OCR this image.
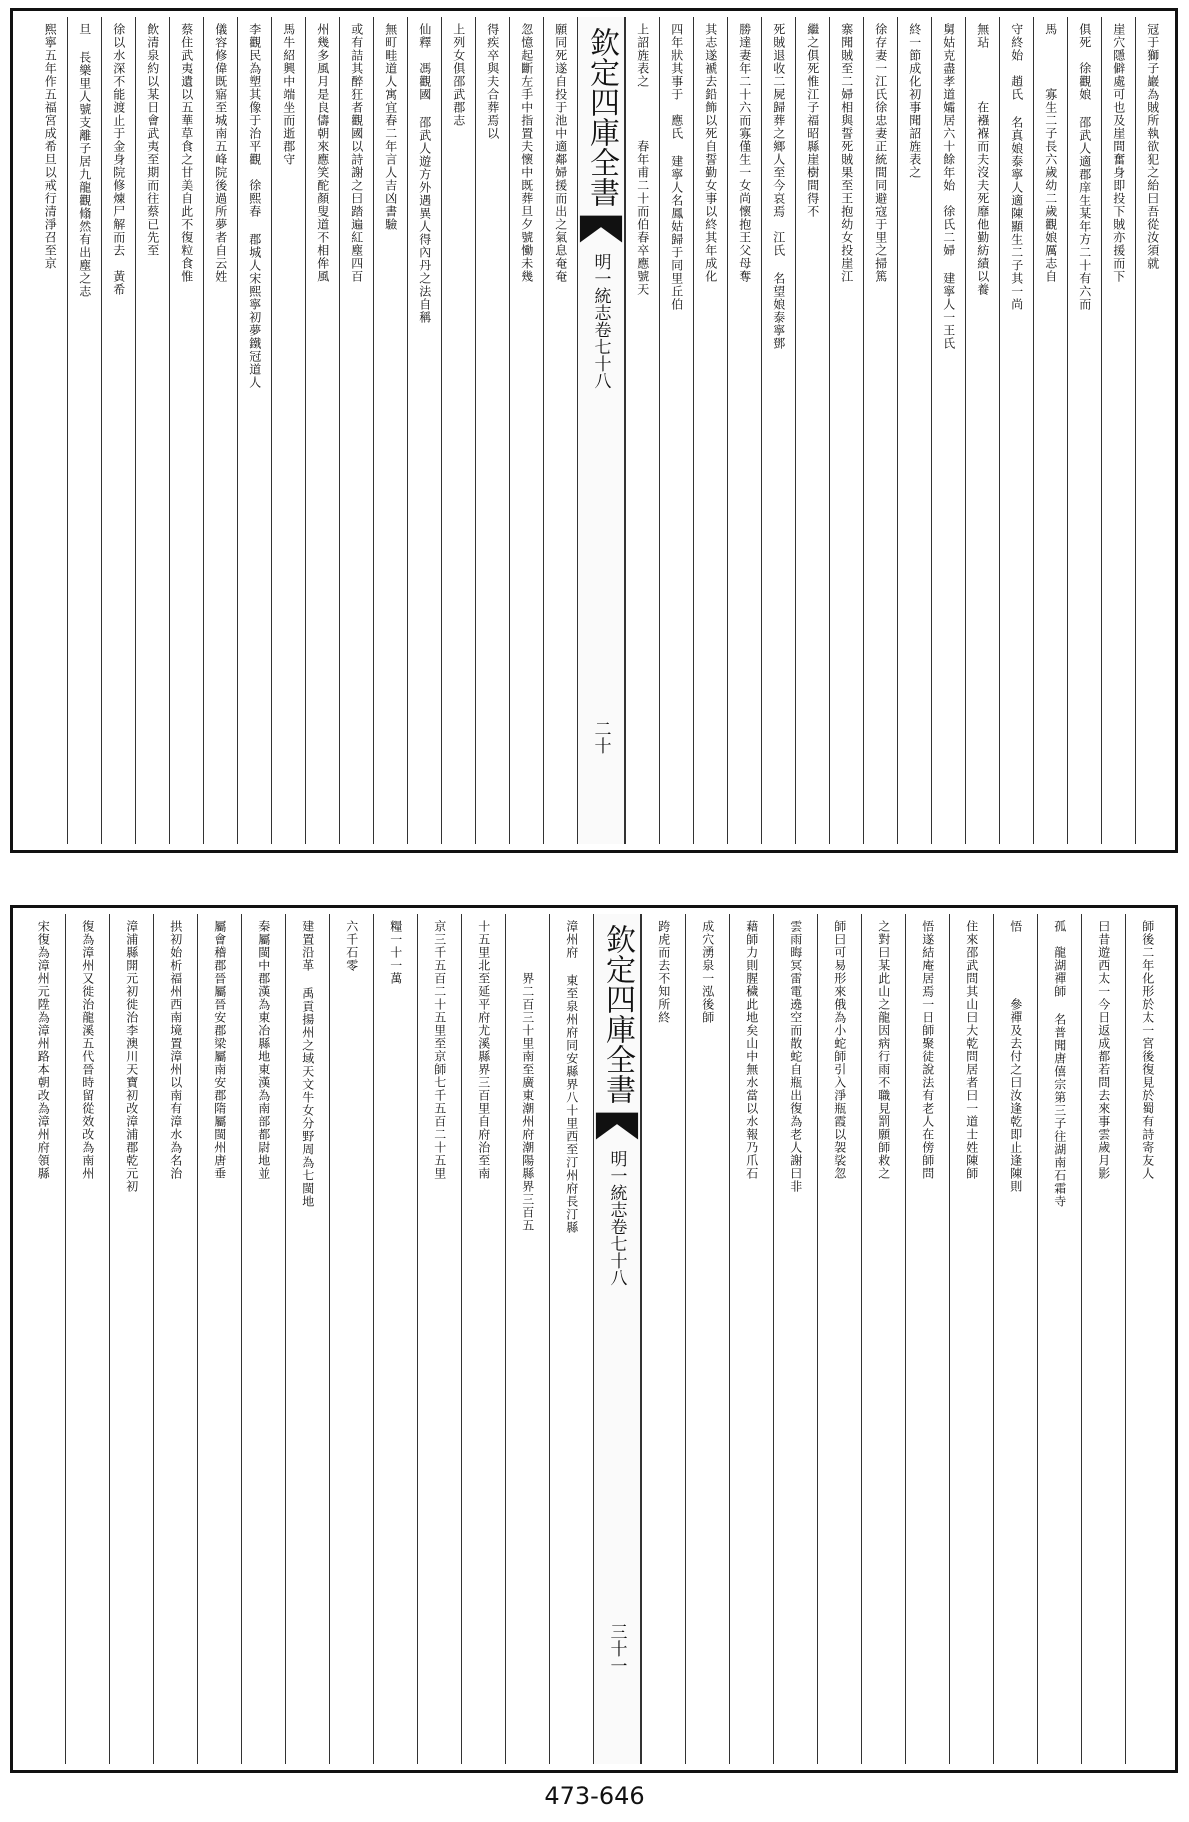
冦于獅子巖為賊所執欲犯之紿曰吾從汝須就
崖穴隱僻處可也及崖間奮身即投下賊亦援而下
俱死　徐觀娘 邵武人適郡庠生某年方二十有六而
馬　　　　寡生二子長六歲幼二歲觀娘厲志自
守終始　趙氏 名真娘泰寧人適陳顯生二子其一尚
無玷　　　　在襁褓而夫沒夫死靡他勤紡績以養
舅姑克盡孝道孀居六十餘年始　徐氏二婦 建寧人一王氏
終一節成化初事聞詔旌表之
徐存妻一江氏徐忠妻正統間同避寇于里之掃篤
寨聞賊至二婦相與誓死賊果至王抱幼女投崖江
繼之俱死惟江子福昭縣崖樹間得不
死賊退收二屍歸葬之鄉人至今哀焉　江氏 名望娘泰寧鄧
勝達妻年二十六而寡僅生一女尚懷抱王父母奪
其志遂褫去鉛飾以死自誓勤女事以終其年成化
四年狀其事于　應氏 建寧人名鳳姑歸于同里丘伯
上詔旌表之　　　　春年甫二十而伯春卒應號天
欽定四庫全書
明一統志
卷七十八
二十
願同死遂自投于池中適鄰婦援而出之氣息奄奄
忽憶起斷左手中指置夫懷中既葬旦夕號慟未幾
得疾卒與夫合葬焉以
上列女俱邵武郡志
仙釋　馮觀國 邵武人遊方外遇異人得內丹之法自稱
無町畦道人寓宜春二年言人吉凶書驗
或有詰其醉狂者觀國以詩謝之曰踏遍紅塵四百
州幾多風月是良儔朝來應笑酡顏叟道不相侔風
馬牛紹興中端坐而逝郡守
李觀民為塑其像于治平觀　徐熙春 郡城人宋熙寧初夢鐵冠道人
儀容修偉既寤至城南五峰院後過所夢者自云姓
蔡住武夷遺以五華草食之甘美自此不復粒食惟
飲清泉約以某日會武夷至期而往蔡已先至
徐以水深不能渡止于金身院修煉尸解而去　黃希
旦 長樂里人號支離子居九龍觀翛然有出塵之志
熙寧五年作五福宮成希旦以戒行清淨召至京
師後二年化形於太一宮後復見於蜀有詩寄友人
曰昔遊西太一今日返成都若問去來事雲歲月影
孤　龍湖禪師 名普聞唐僖宗第三子往湖南石霜寺
悟　　　　　參禪及去付之曰汝逢乾即止逢陳則
住來邵武問其山曰大乾問居者曰一道士姓陳師
悟遂結庵居焉一日師聚徒說法有老人在傍師問
之對曰某此山之龍因病行雨不職見罰願師救之
師曰可易形來俄為小蛇師引入淨瓶霞以袈裟忽
雲雨晦冥雷電遶空而散蛇自瓶出復為老人謝曰非
藉師力則腥穢此地矣山中無水當以水報乃爪石
成穴湧泉一泓後師
跨虎而去不知所終
欽定四庫全書
明一統志
卷七十八
三十一
漳州府 東至泉州府同安縣界八十里西至汀州府長汀縣
　　　　界二百三十里南至廣東潮州府潮陽縣界三百五
十五里北至延平府尤溪縣界三百里自府治至南
京三千五百二十五里至京師七千五百二十五里
糧一十一萬
六千石零
建置沿革 禹貢揚州之域天文牛女分野周為七閩地
秦屬閩中郡漢為東冶縣地東漢為南部都尉地並
屬會稽郡晉屬晉安郡梁屬南安郡隋屬閩州唐垂
拱初始析福州西南境置漳州以南有漳水為名治
漳浦縣開元初徙治李澳川天寶初改漳浦郡乾元初
復為漳州又徙治龍溪五代晉時留從效改為南州
宋復為漳州元陞為漳州路本朝改為漳州府領縣
473-646
